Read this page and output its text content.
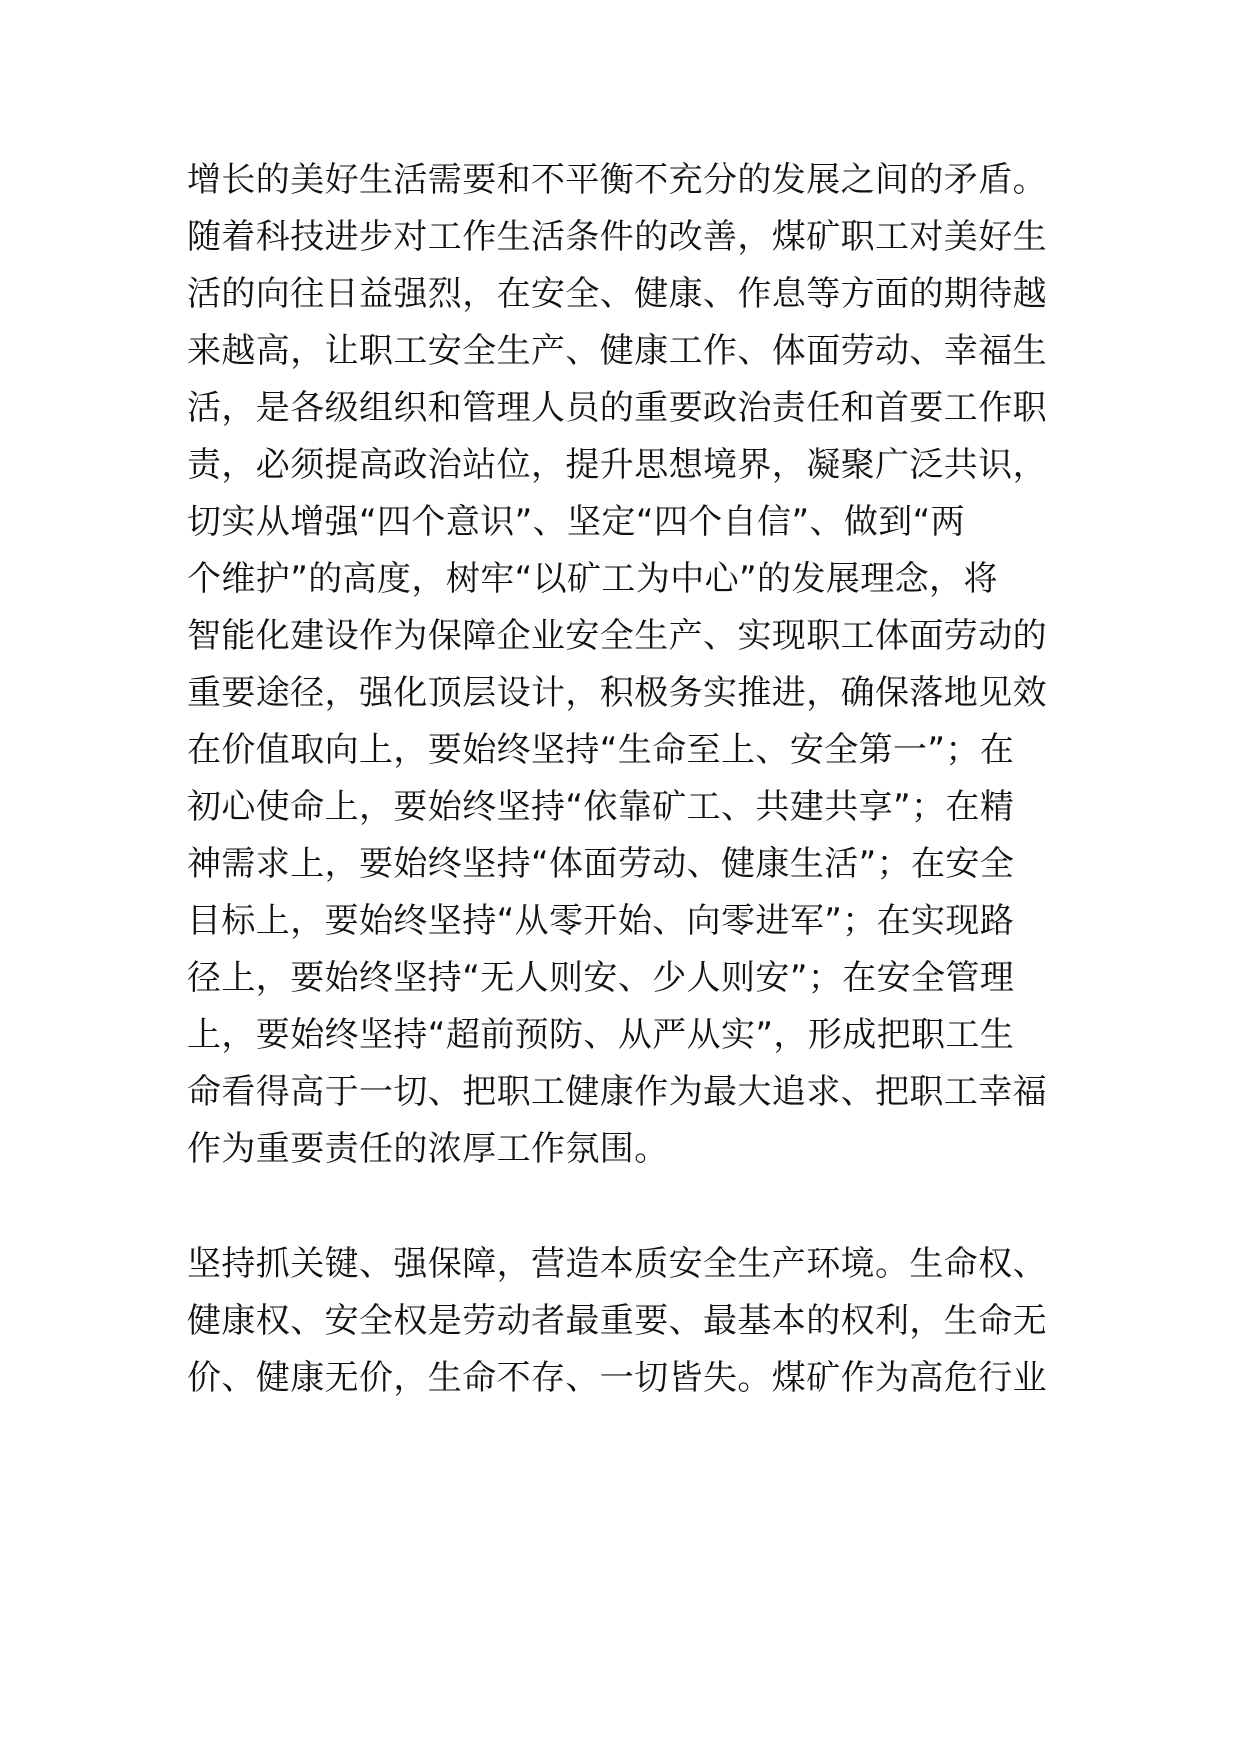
增长的美好生活需要和不平衡不充分的发展之间的矛盾。
随着科技进步对工作生活条件的改善，煤矿职工对美好生
活的向往日益强烈，在安全、健康、作息等方面的期待越
来越高，让职工安全生产、健康工作、体面劳动、幸福生
活，是各级组织和管理人员的重要政治责任和首要工作职
责，必须提高政治站位，提升思想境界，凝聚广泛共识，
切实从增强“四个意识”、坚定“四个自信”、做到“两
个维护”的高度，树牢“以矿工为中心”的发展理念，将
智能化建设作为保障企业安全生产、实现职工体面劳动的
重要途径，强化顶层设计，积极务实推进，确保落地见效
在价值取向上，要始终坚持“生命至上、安全第一”；在
初心使命上，要始终坚持“依靠矿工、共建共享”；在精
神需求上，要始终坚持“体面劳动、健康生活”；在安全
目标上，要始终坚持“从零开始、向零进军”；在实现路
径上，要始终坚持“无人则安、少人则安”；在安全管理
上，要始终坚持“超前预防、从严从实”，形成把职工生
命看得高于一切、把职工健康作为最大追求、把职工幸福
作为重要责任的浓厚工作氛围。
坚持抓关键、强保障，营造本质安全生产环境。生命权、
健康权、安全权是劳动者最重要、最基本的权利，生命无
价、健康无价，生命不存、一切皆失。煤矿作为高危行业
